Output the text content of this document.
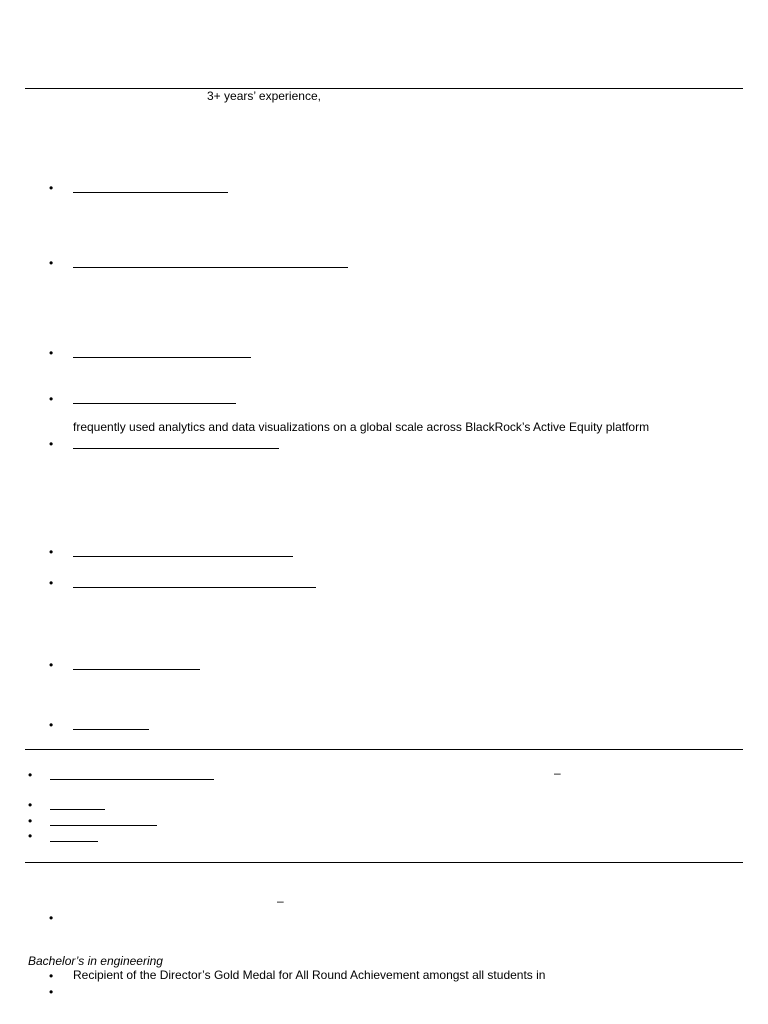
3+ years’ experience,
•
•
•
•
frequently used analytics and data visualizations on a global scale across BlackRock’s Active Equity platform
•
•
•
•
•
•	–
•
•
•
–
•
Bachelor’s in engineering
• Recipient of the Director’s Gold Medal for All Round Achievement amongst all students in
•
